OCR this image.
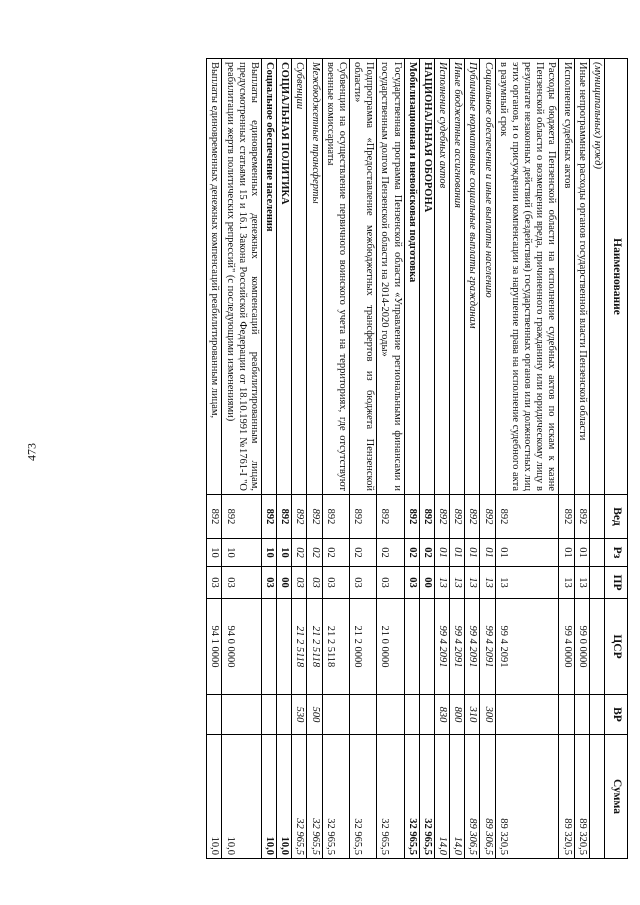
473
Наименование	Вед	Рз	ПР	ЦСР	ВР	Сумма
(муниципальных) нужд)						
Иные непрограммные расходы органов государственной власти Пензенской области	892	01	13	99 0 0000		89 320,5
Исполнение судебных актов	892	01	13	99 4 0000		89 320,5
Расходы бюджета Пензенской области на исполнение судебных актов по искам к казне Пензенской области о возмещении вреда, причиненного гражданину или юридическому лицу в результате незаконных действий (бездействия) государственных органов или должностных лиц этих органов, и о присуждении компенсации за нарушение права на исполнение судебного акта в разумный срок	892	01	13	99 4 2091		89 320,5
Социальное обеспечение и иные выплаты населению	892	01	13	99 4 2091	300	89 306,5
Публичные нормативные социальные выплаты гражданам	892	01	13	99 4 2091	310	89 306,5
Иные бюджетные ассигнования	892	01	13	99 4 2091	800	14,0
Исполнение судебных актов	892	01	13	99 4 2091	830	14,0
НАЦИОНАЛЬНАЯ ОБОРОНА	892	02	00			32 965,5
Мобилизационная и вневойсковая подготовка	892	02	03			32 965,5
Государственная программа Пензенской области «Управление региональными финансами и государственным долгом Пензенской области на 2014-2020 годы»	892	02	03	21 0 0000		32 965,5
Подпрограмма «Предоставление межбюджетных трансфертов из бюджета Пензенской области»	892	02	03	21 2 0000		32 965,5
Субвенции на осуществление первичного воинского учета на территориях, где отсутствуют военные комиссариаты	892	02	03	21 2 5118		32 965,5
Межбюджетные трансферты	892	02	03	21 2 5118	500	32 965,5
Субвенции	892	02	03	21 2 5118	530	32 965,5
СОЦИАЛЬНАЯ ПОЛИТИКА	892	10	00			10,0
Социальное обеспечение населения	892	10	03			10,0
Выплаты единовременных денежных компенсаций реабилитированным лицам, предусмотренных статьями 15 и 16.1 Закона Российской Федерации от 18.10.1991 №1761-I "О реабилитации жертв политических репрессий" (с последующими изменениями)	892	10	03	94 0 0000		10,0
Выплаты единовременных денежных компенсаций реабилитированным лицам,	892	10	03	94 1 0000		10,0
